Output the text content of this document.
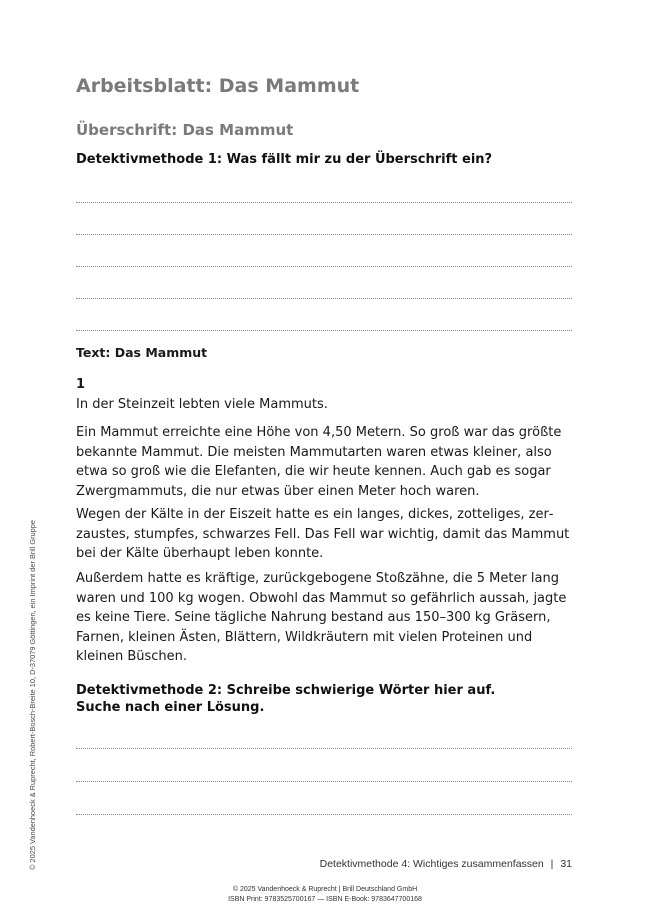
Arbeitsblatt: Das Mammut
Überschrift: Das Mammut

Detektivmethode 1: Was fällt mir zu der Überschrift ein?

Text: Das Mammut

1

In der Steinzeit lebten viele Mammuts.

Ein Mammut erreichte eine Höhe von 4,50 Metern. So groß war das größte bekannte Mammut. Die meisten Mammutarten waren etwas kleiner, also etwa so groß wie die Elefanten, die wir heute kennen. Auch gab es sogar Zwergmammuts, die nur etwas über einen Meter hoch waren.

Wegen der Kälte in der Eiszeit hatte es ein langes, dickes, zotteliges, zerzaustes, stumpfes, schwarzes Fell. Das Fell war wichtig, damit das Mammut bei der Kälte überhaupt leben konnte.

Außerdem hatte es kräftige, zurückgebogene Stoßzähne, die 5 Meter lang waren und 100 kg wogen. Obwohl das Mammut so gefährlich aussah, jagte es keine Tiere. Seine tägliche Nahrung bestand aus 150–300 kg Gräsern, Farnen, kleinen Ästen, Blättern, Wildkräutern mit vielen Proteinen und kleinen Büschen.

Detektivmethode 2: Schreibe schwierige Wörter hier auf.

Suche nach einer Lösung.

© 2025 Vandenhoeck & Ruprecht, Robert-Bosch-Breite 10, D-37079 Göttingen, ein Imprint der Brill Gruppe	Detektivmethode 4: Wichtiges zusammenfassen | 31
© 2025 Vandenhoeck & Ruprecht | Brill Deutschland GmbH
ISBN Print: 9783525700167 — ISBN E-Book: 9783647700168
